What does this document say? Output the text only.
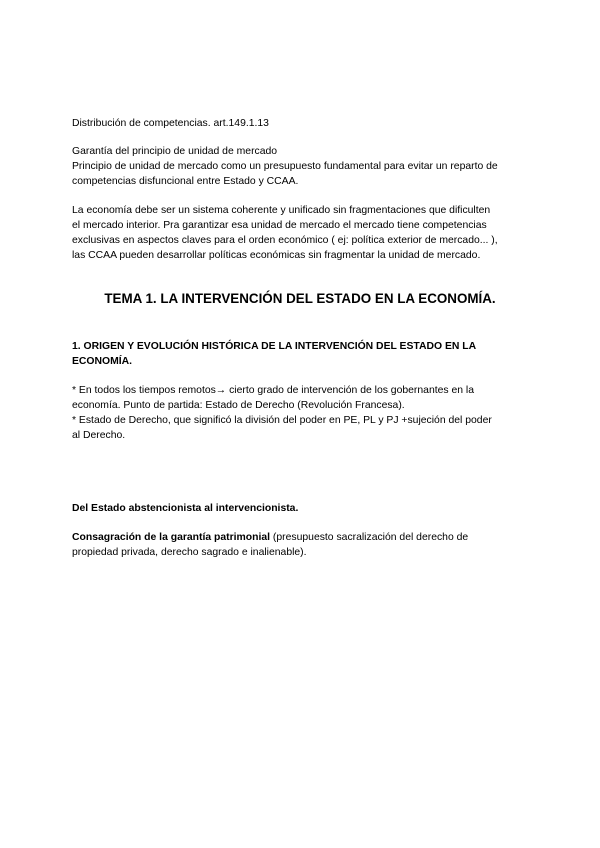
Distribución de competencias. art.149.1.13

Garantía del principio de unidad de mercado
Principio de unidad de mercado como un presupuesto fundamental para evitar un reparto de
competencias disfuncional entre Estado y CCAA.

La economía debe ser un sistema coherente y unificado sin fragmentaciones que dificulten
el mercado interior. Pra garantizar esa unidad de mercado el mercado tiene competencias
exclusivas en aspectos claves para el orden económico ( ej: política exterior de mercado... ),
las CCAA pueden desarrollar políticas económicas sin fragmentar la unidad de mercado.

TEMA 1. LA INTERVENCIÓN DEL ESTADO EN LA ECONOMÍA.

1. ORIGEN Y EVOLUCIÓN HISTÓRICA DE LA INTERVENCIÓN DEL ESTADO EN LA
ECONOMÍA.

* En todos los tiempos remotos→ cierto grado de intervención de los gobernantes en la
economía. Punto de partida: Estado de Derecho (Revolución Francesa).
* Estado de Derecho, que significó la división del poder en PE, PL y PJ +sujeción del poder
al Derecho.

Del Estado abstencionista al intervencionista.

Consagración de la garantía patrimonial (presupuesto sacralización del derecho de
propiedad privada, derecho sagrado e inalienable).
